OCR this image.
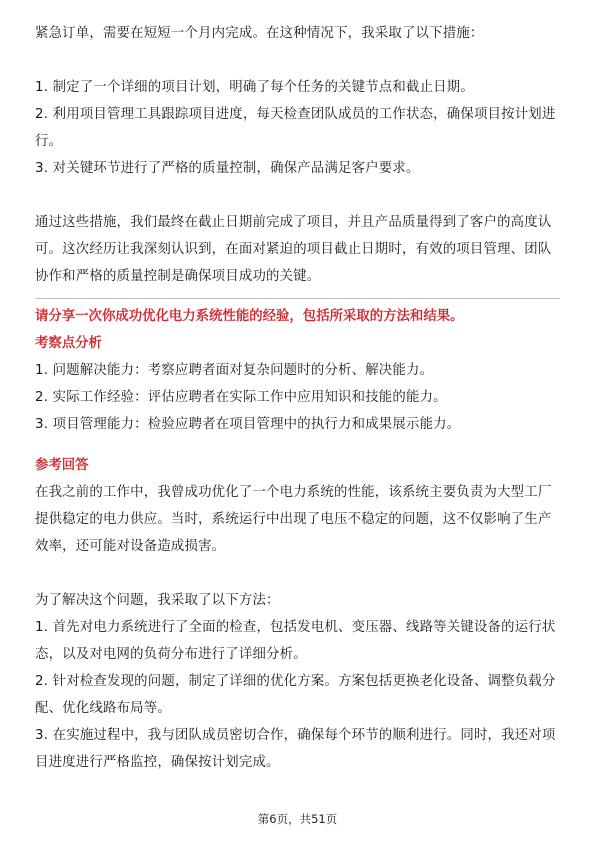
紧急订单，需要在短短一个月内完成。在这种情况下，我采取了以下措施：

1. 制定了一个详细的项目计划，明确了每个任务的关键节点和截止日期。

2. 利用项目管理工具跟踪项目进度，每天检查团队成员的工作状态，确保项目按计划进行。

3. 对关键环节进行了严格的质量控制，确保产品满足客户要求。

通过这些措施，我们最终在截止日期前完成了项目，并且产品质量得到了客户的高度认可。这次经历让我深刻认识到，在面对紧迫的项目截止日期时，有效的项目管理、团队协作和严格的质量控制是确保项目成功的关键。

请分享一次你成功优化电力系统性能的经验，包括所采取的方法和结果。

考察点分析

1. 问题解决能力：考察应聘者面对复杂问题时的分析、解决能力。

2. 实际工作经验：评估应聘者在实际工作中应用知识和技能的能力。

3. 项目管理能力：检验应聘者在项目管理中的执行力和成果展示能力。

参考回答

在我之前的工作中，我曾成功优化了一个电力系统的性能，该系统主要负责为大型工厂提供稳定的电力供应。当时，系统运行中出现了电压不稳定的问题，这不仅影响了生产效率，还可能对设备造成损害。

为了解决这个问题，我采取了以下方法：

1. 首先对电力系统进行了全面的检查，包括发电机、变压器、线路等关键设备的运行状态，以及对电网的负荷分布进行了详细分析。

2. 针对检查发现的问题，制定了详细的优化方案。方案包括更换老化设备、调整负载分配、优化线路布局等。

3. 在实施过程中，我与团队成员密切合作，确保每个环节的顺利进行。同时，我还对项目进度进行严格监控，确保按计划完成。

第6页，共51页
